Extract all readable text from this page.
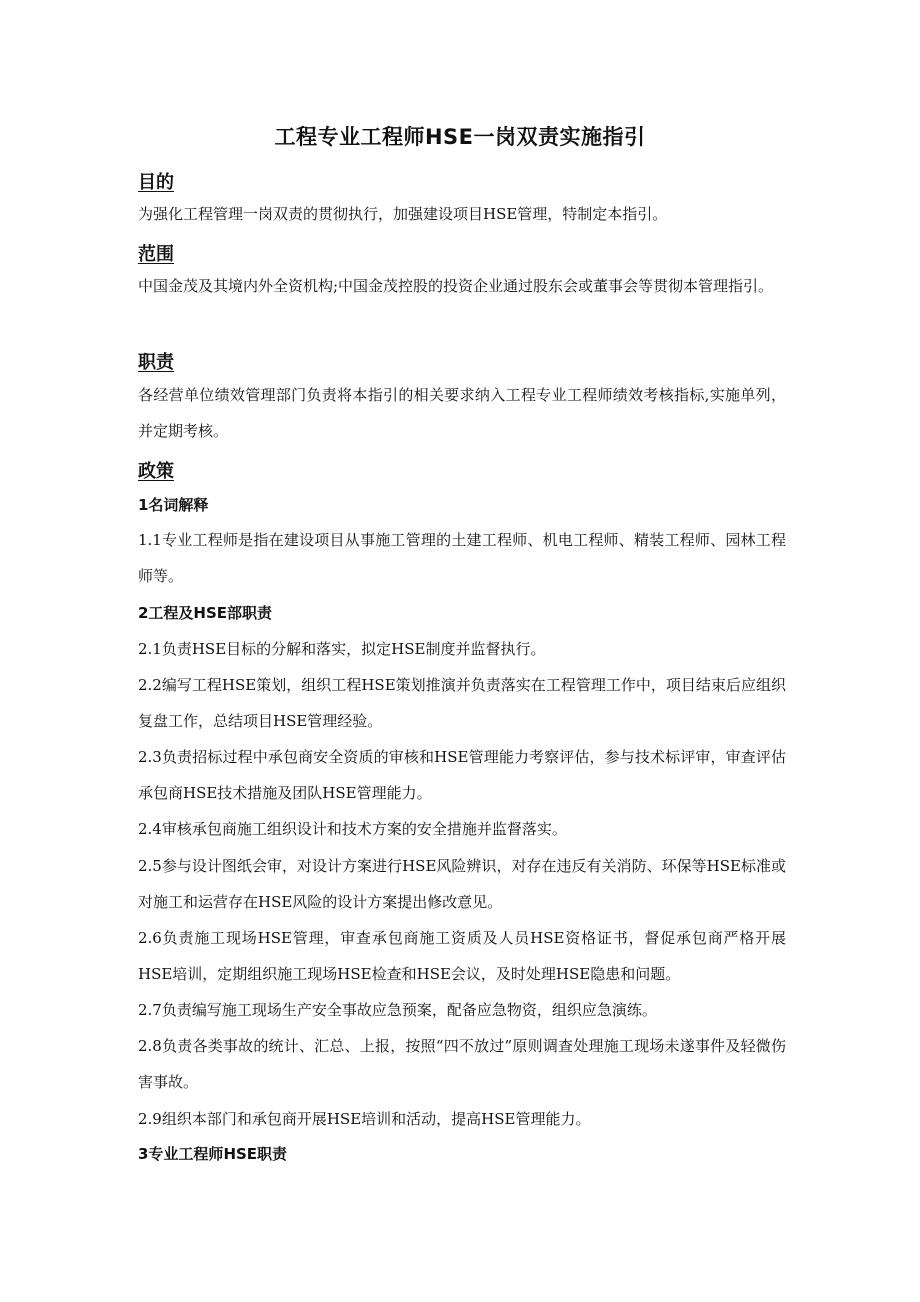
工程专业工程师HSE一岗双责实施指引
目的
为强化工程管理一岗双责的贯彻执行，加强建设项目HSE管理，特制定本指引。
范围
中国金茂及其境内外全资机构;中国金茂控股的投资企业通过股东会或董事会等贯彻本管理指引。
职责
各经营单位绩效管理部门负责将本指引的相关要求纳入工程专业工程师绩效考核指标,实施单列，并定期考核。
政策
1名词解释
1.1专业工程师是指在建设项目从事施工管理的土建工程师、机电工程师、精装工程师、园林工程师等。
2工程及HSE部职责
2.1负责HSE目标的分解和落实，拟定HSE制度并监督执行。
2.2编写工程HSE策划，组织工程HSE策划推演并负责落实在工程管理工作中，项目结束后应组织复盘工作，总结项目HSE管理经验。
2.3负责招标过程中承包商安全资质的审核和HSE管理能力考察评估，参与技术标评审，审查评估承包商HSE技术措施及团队HSE管理能力。
2.4审核承包商施工组织设计和技术方案的安全措施并监督落实。
2.5参与设计图纸会审，对设计方案进行HSE风险辨识，对存在违反有关消防、环保等HSE标准或对施工和运营存在HSE风险的设计方案提出修改意见。
2.6负责施工现场HSE管理，审查承包商施工资质及人员HSE资格证书，督促承包商严格开展HSE培训，定期组织施工现场HSE检查和HSE会议，及时处理HSE隐患和问题。
2.7负责编写施工现场生产安全事故应急预案，配备应急物资，组织应急演练。
2.8负责各类事故的统计、汇总、上报，按照“四不放过”原则调查处理施工现场未遂事件及轻微伤害事故。
2.9组织本部门和承包商开展HSE培训和活动，提高HSE管理能力。
3专业工程师HSE职责
